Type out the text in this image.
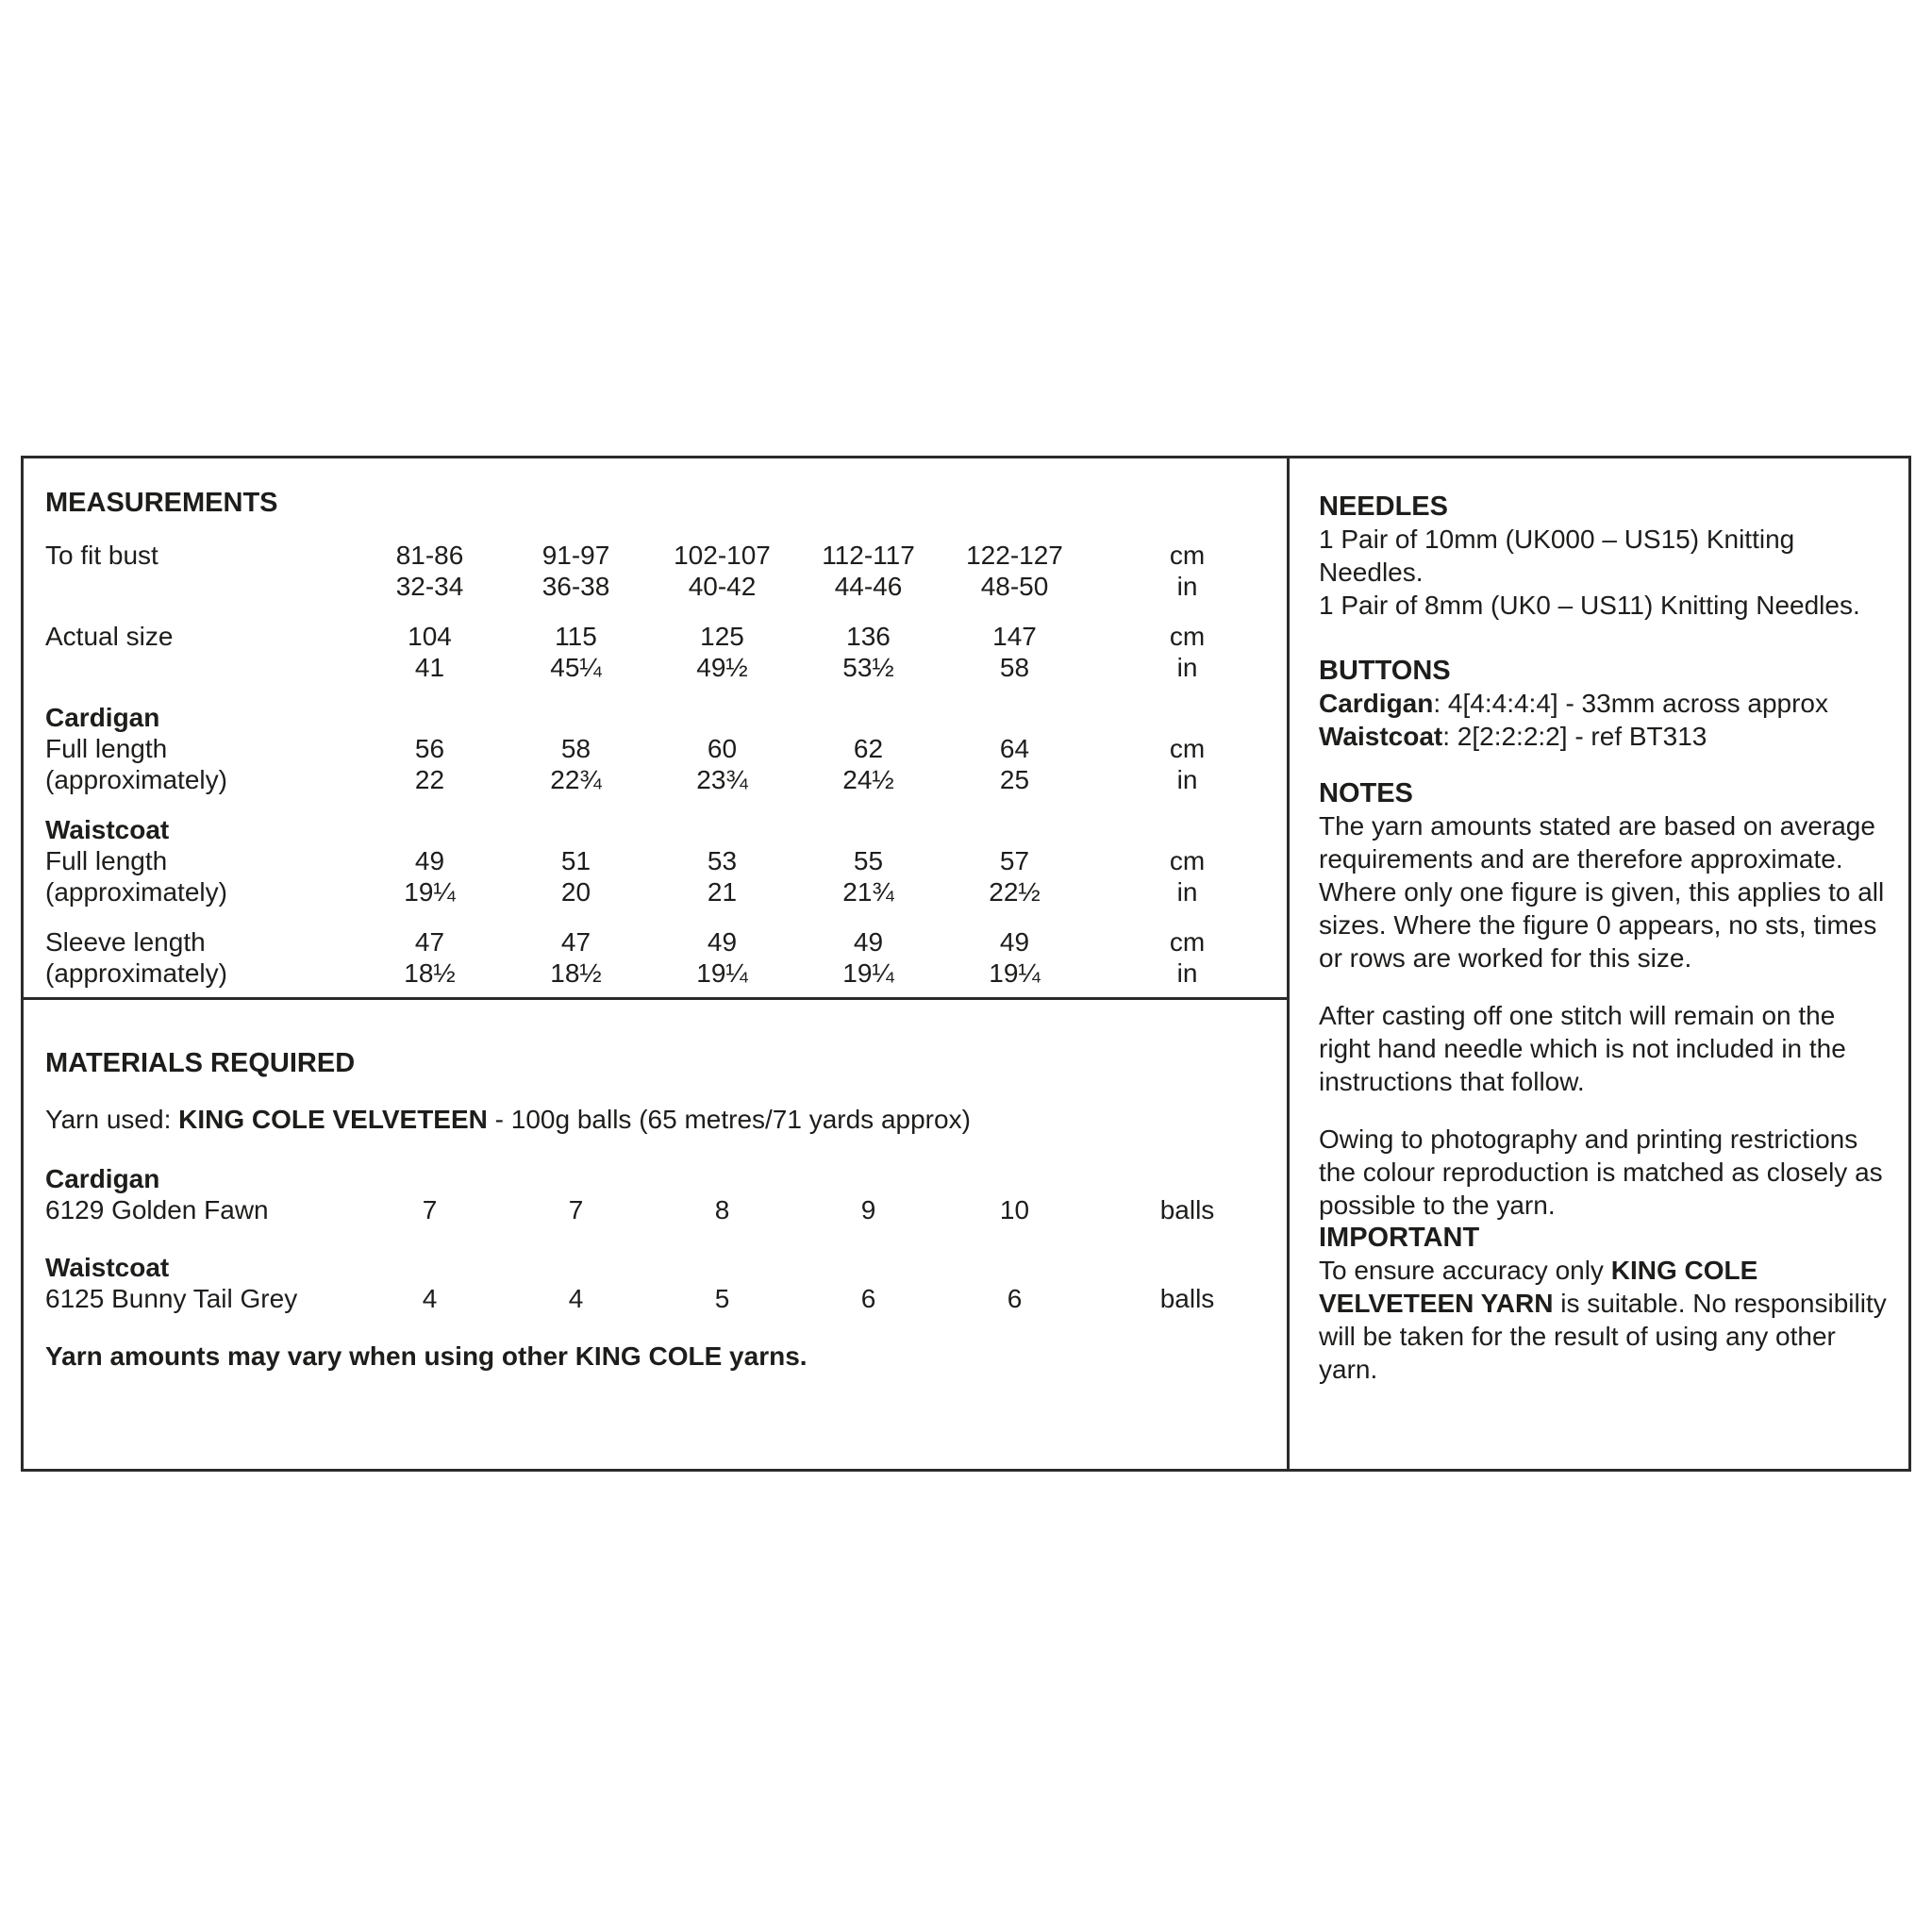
MEASUREMENTS
To fit bust	81-86	91-97	102-107	112-117	122-127	cm
32-34	36-38	40-42	44-46	48-50	in
Actual size	104	115	125	136	147	cm
41	45¼	49½	53½	58	in
Cardigan
Full length	56	58	60	62	64	cm
(approximately)	22	22¾	23¾	24½	25	in
Waistcoat
Full length	49	51	53	55	57	cm
(approximately)	19¼	20	21	21¾	22½	in
Sleeve length	47	47	49	49	49	cm
(approximately)	18½	18½	19¼	19¼	19¼	in
MATERIALS REQUIRED
Yarn used: KING COLE VELVETEEN - 100g balls (65 metres/71 yards approx)
Cardigan
6129 Golden Fawn	7	7	8	9	10	balls
Waistcoat
6125 Bunny Tail Grey	4	4	5	6	6	balls
Yarn amounts may vary when using other KING COLE yarns.
NEEDLES
1 Pair of 10mm (UK000 – US15) Knitting Needles.
1 Pair of 8mm (UK0 – US11) Knitting Needles.
BUTTONS
Cardigan: 4[4:4:4:4] - 33mm across approx
Waistcoat: 2[2:2:2:2] - ref BT313
NOTES
The yarn amounts stated are based on average requirements and are therefore approximate. Where only one figure is given, this applies to all sizes. Where the figure 0 appears, no sts, times or rows are worked for this size.
After casting off one stitch will remain on the right hand needle which is not included in the instructions that follow.
Owing to photography and printing restrictions the colour reproduction is matched as closely as possible to the yarn.
IMPORTANT
To ensure accuracy only KING COLE VELVETEEN YARN is suitable. No responsibility will be taken for the result of using any other yarn.
